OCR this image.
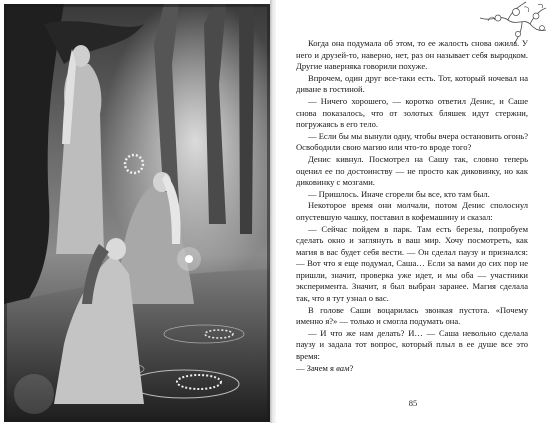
Когда она подумала об этом, то ее жалость снова ожила. У него и друзей-то, наверно, нет, раз он называет себя выродком. Другие наверняка говорили похуже.

Впрочем, один друг все-таки есть. Тот, который ночевал на диване в гостиной.

— Ничего хорошего, — коротко ответил Денис, и Саше снова показалось, что от золотых бляшек идут стержни, погружаясь в его тело.

— Если бы мы вынули одну, чтобы вчера остановить огонь? Освободили свою магию или что-то вроде того?

Денис кивнул. Посмотрел на Сашу так, словно теперь оценил ее по достоинству — не просто как диковинку, но как диковинку с мозгами.

— Пришлось. Иначе сгорели бы все, кто там был.

Некоторое время они молчали, потом Денис сполоснул опустевшую чашку, поставил в кофемашину и сказал:

— Сейчас пойдем в парк. Там есть березы, попробуем сделать окно и заглянуть в ваш мир. Хочу посмотреть, как магия в вас будет себя вести. — Он сделал паузу и признался: — Вот что я еще подумал, Саша… Если за вами до сих пор не пришли, значит, проверка уже идет, и мы оба — участники эксперимента. Значит, я был выбран заранее. Магия сделала так, что я тут узнал о вас.

В голове Саши воцарилась звонкая пустота. «Почему именно я?» — только и смогла подумать она.

— И что же нам делать? И… — Саша невольно сделала паузу и задала тот вопрос, который плыл в ее душе все это время:

— Зачем я вам?

85
